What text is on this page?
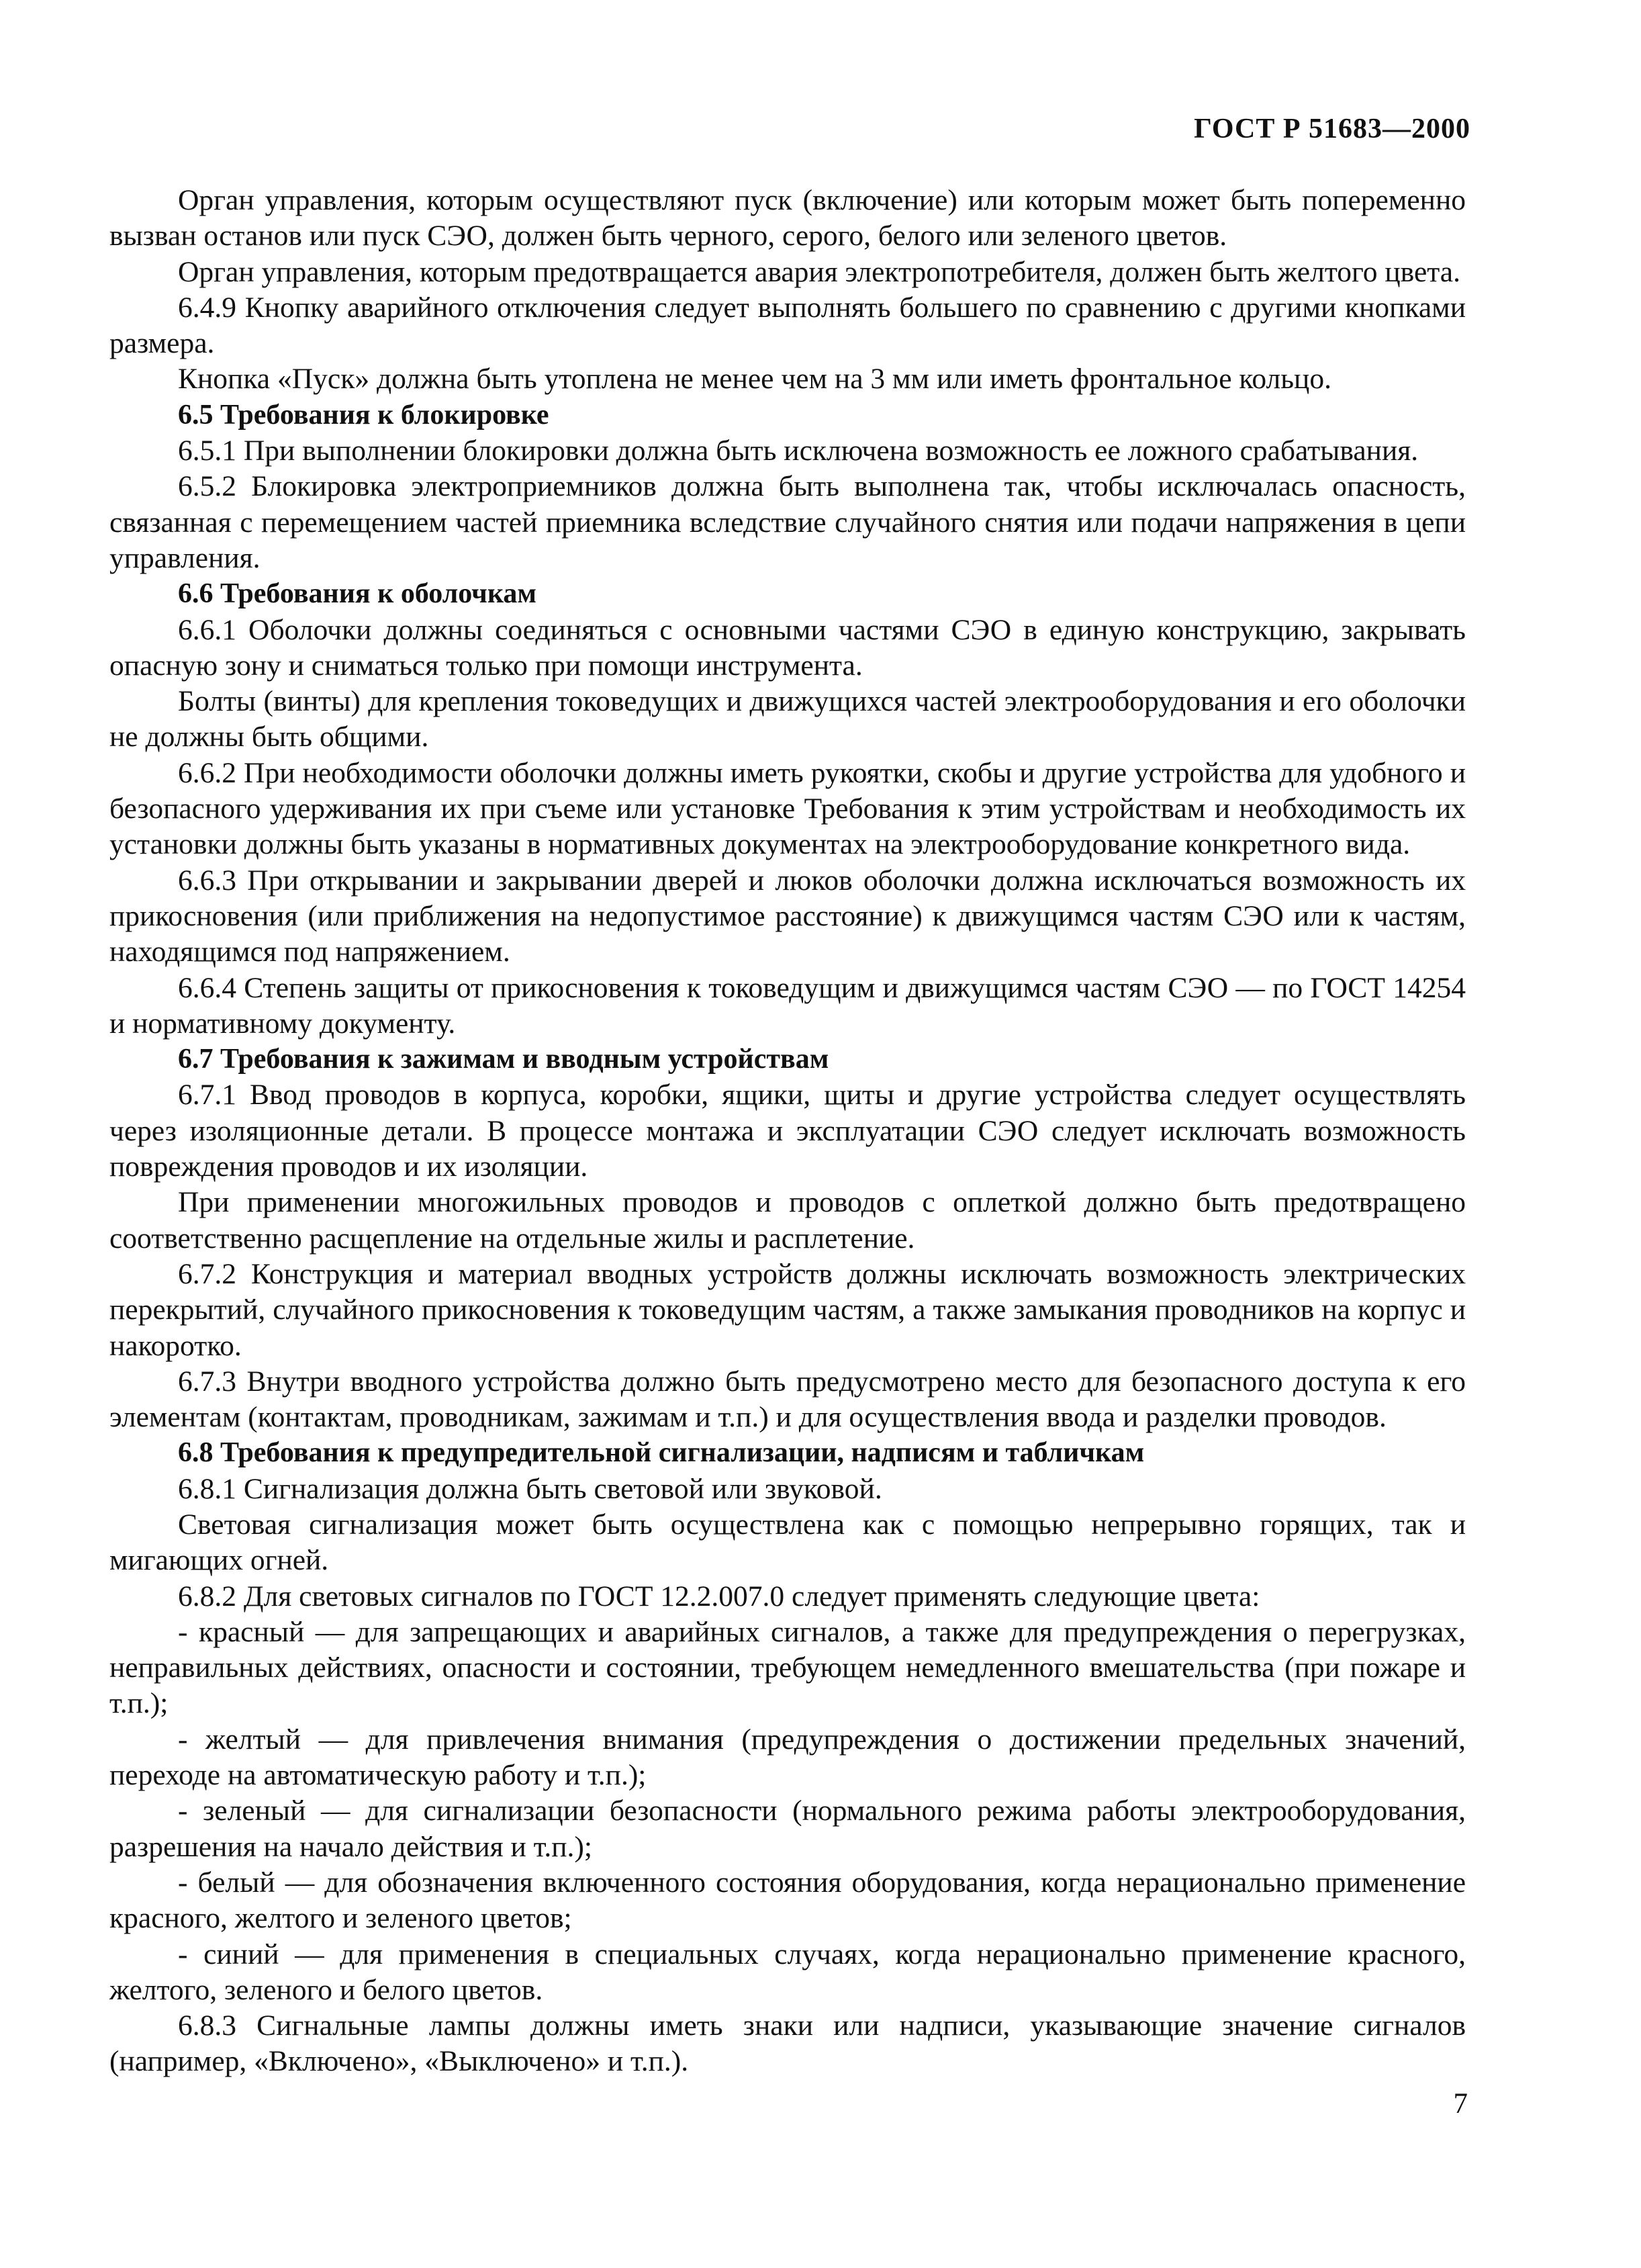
ГОСТ Р 51683—2000

Орган управления, которым осуществляют пуск (включение) или которым может быть попеременно вызван останов или пуск СЭО, должен быть черного, серого, белого или зеленого цветов.

Орган управления, которым предотвращается авария электропотребителя, должен быть желтого цвета.

6.4.9 Кнопку аварийного отключения следует выполнять большего по сравнению с другими кнопками размера.

Кнопка «Пуск» должна быть утоплена не менее чем на 3 мм или иметь фронтальное кольцо.

6.5 Требования к блокировке

6.5.1 При выполнении блокировки должна быть исключена возможность ее ложного срабатывания.

6.5.2 Блокировка электроприемников должна быть выполнена так, чтобы исключалась опасность, связанная с перемещением частей приемника вследствие случайного снятия или подачи напряжения в цепи управления.

6.6 Требования к оболочкам

6.6.1 Оболочки должны соединяться с основными частями СЭО в единую конструкцию, закрывать опасную зону и сниматься только при помощи инструмента.

Болты (винты) для крепления токоведущих и движущихся частей электрооборудования и его оболочки не должны быть общими.

6.6.2 При необходимости оболочки должны иметь рукоятки, скобы и другие устройства для удобного и безопасного удерживания их при съеме или установке Требования к этим устройствам и необходимость их установки должны быть указаны в нормативных документах на электрооборудование конкретного вида.

6.6.3 При открывании и закрывании дверей и люков оболочки должна исключаться возможность их прикосновения (или приближения на недопустимое расстояние) к движущимся частям СЭО или к частям, находящимся под напряжением.

6.6.4 Степень защиты от прикосновения к токоведущим и движущимся частям СЭО — по ГОСТ 14254 и нормативному документу.

6.7 Требования к зажимам и вводным устройствам

6.7.1 Ввод проводов в корпуса, коробки, ящики, щиты и другие устройства следует осуществлять через изоляционные детали. В процессе монтажа и эксплуатации СЭО следует исключать возможность повреждения проводов и их изоляции.

При применении многожильных проводов и проводов с оплеткой должно быть предотвращено соответственно расщепление на отдельные жилы и расплетение.

6.7.2 Конструкция и материал вводных устройств должны исключать возможность электрических перекрытий, случайного прикосновения к токоведущим частям, а также замыкания проводников на корпус и накоротко.

6.7.3 Внутри вводного устройства должно быть предусмотрено место для безопасного доступа к его элементам (контактам, проводникам, зажимам и т.п.) и для осуществления ввода и разделки проводов.

6.8 Требования к предупредительной сигнализации, надписям и табличкам

6.8.1 Сигнализация должна быть световой или звуковой.

Световая сигнализация может быть осуществлена как с помощью непрерывно горящих, так и мигающих огней.

6.8.2 Для световых сигналов по ГОСТ 12.2.007.0 следует применять следующие цвета:

- красный — для запрещающих и аварийных сигналов, а также для предупреждения о перегрузках, неправильных действиях, опасности и состоянии, требующем немедленного вмешательства (при пожаре и т.п.);

- желтый — для привлечения внимания (предупреждения о достижении предельных значений, переходе на автоматическую работу и т.п.);

- зеленый — для сигнализации безопасности (нормального режима работы электрооборудования, разрешения на начало действия и т.п.);

- белый — для обозначения включенного состояния оборудования, когда нерационально применение красного, желтого и зеленого цветов;

- синий — для применения в специальных случаях, когда нерационально применение красного, желтого, зеленого и белого цветов.

6.8.3 Сигнальные лампы должны иметь знаки или надписи, указывающие значение сигналов (например, «Включено», «Выключено» и т.п.).

7
